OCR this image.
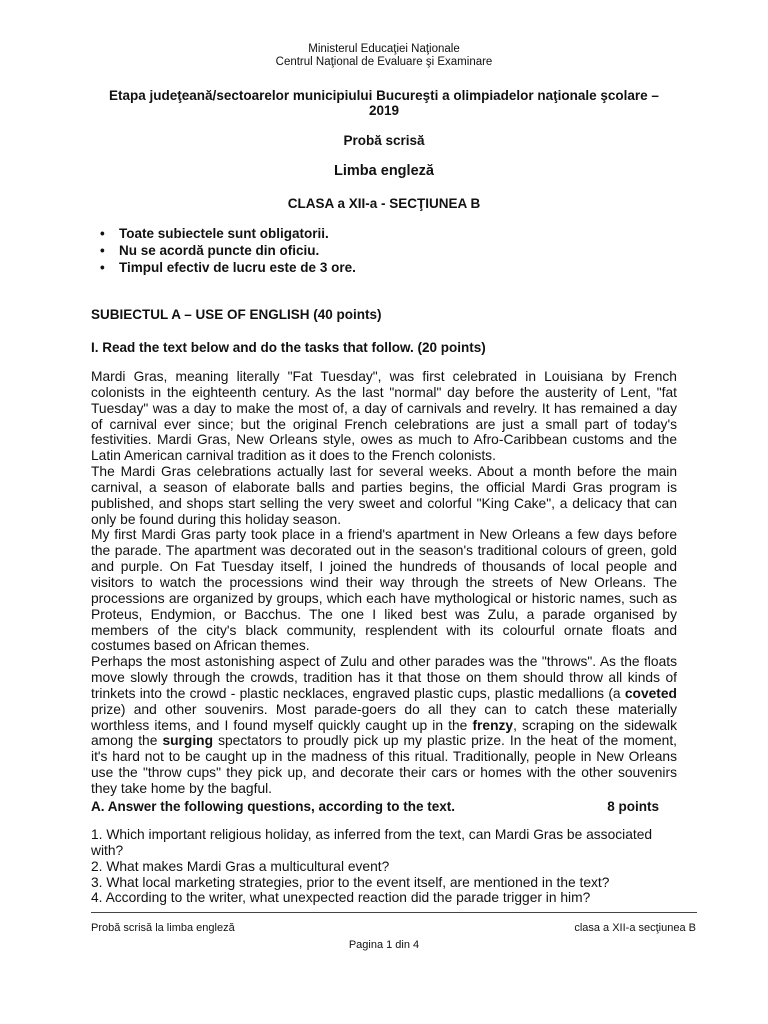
Ministerul Educaţiei Naţionale
Centrul Naţional de Evaluare şi Examinare
Etapa judeţeană/sectoarelor municipiului Bucureşti a olimpiadelor naţionale şcolare –
2019
Probă scrisă
Limba engleză
CLASA a XII-a - SECŢIUNEA B
• Toate subiectele sunt obligatorii.
• Nu se acordă puncte din oficiu.
• Timpul efectiv de lucru este de 3 ore.
SUBIECTUL A – USE OF ENGLISH (40 points)
I. Read the text below and do the tasks that follow. (20 points)

Mardi Gras, meaning literally "Fat Tuesday", was first celebrated in Louisiana by French colonists in the eighteenth century. As the last "normal" day before the austerity of Lent, "fat Tuesday" was a day to make the most of, a day of carnivals and revelry. It has remained a day of carnival ever since; but the original French celebrations are just a small part of today's festivities. Mardi Gras, New Orleans style, owes as much to Afro-Caribbean customs and the Latin American carnival tradition as it does to the French colonists.

The Mardi Gras celebrations actually last for several weeks. About a month before the main carnival, a season of elaborate balls and parties begins, the official Mardi Gras program is published, and shops start selling the very sweet and colorful "King Cake", a delicacy that can only be found during this holiday season.

My first Mardi Gras party took place in a friend's apartment in New Orleans a few days before the parade. The apartment was decorated out in the season's traditional colours of green, gold and purple. On Fat Tuesday itself, I joined the hundreds of thousands of local people and visitors to watch the processions wind their way through the streets of New Orleans. The processions are organized by groups, which each have mythological or historic names, such as Proteus, Endymion, or Bacchus. The one I liked best was Zulu, a parade organised by members of the city's black community, resplendent with its colourful ornate floats and costumes based on African themes.

Perhaps the most astonishing aspect of Zulu and other parades was the "throws". As the floats move slowly through the crowds, tradition has it that those on them should throw all kinds of trinkets into the crowd - plastic necklaces, engraved plastic cups, plastic medallions (a coveted prize) and other souvenirs. Most parade-goers do all they can to catch these materially worthless items, and I found myself quickly caught up in the frenzy, scraping on the sidewalk among the surging spectators to proudly pick up my plastic prize. In the heat of the moment, it's hard not to be caught up in the madness of this ritual. Traditionally, people in New Orleans use the "throw cups" they pick up, and decorate their cars or homes with the other souvenirs they take home by the bagful.

A. Answer the following questions, according to the text.	8 points

1. Which important religious holiday, as inferred from the text, can Mardi Gras be associated with?

2. What makes Mardi Gras a multicultural event?

3. What local marketing strategies, prior to the event itself, are mentioned in the text?

4. According to the writer, what unexpected reaction did the parade trigger in him?

Probă scrisă la limba engleză	clasa a XII-a secţiunea B
Pagina 1 din 4
